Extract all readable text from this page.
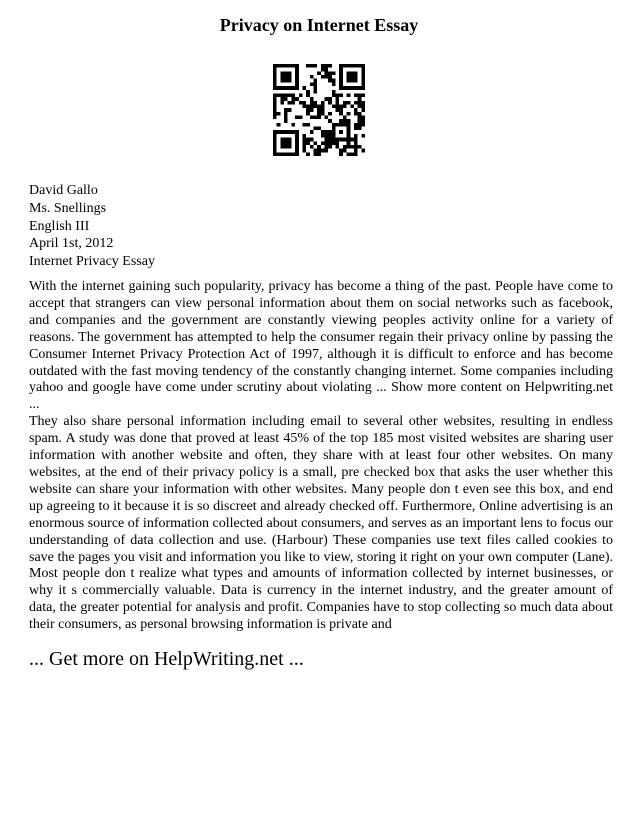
Privacy on Internet Essay
David Gallo
Ms. Snellings
English III
April 1st, 2012
Internet Privacy Essay

With the internet gaining such popularity, privacy has become a thing of the past. People have come to accept that strangers can view personal information about them on social networks such as facebook, and companies and the government are constantly viewing peoples activity online for a variety of reasons. The government has attempted to help the consumer regain their privacy online by passing the Consumer Internet Privacy Protection Act of 1997, although it is difficult to enforce and has become outdated with the fast moving tendency of the constantly changing internet. Some companies including yahoo and google have come under scrutiny about violating ... Show more content on Helpwriting.net ...

They also share personal information including email to several other websites, resulting in endless spam. A study was done that proved at least 45% of the top 185 most visited websites are sharing user information with another website and often, they share with at least four other websites. On many websites, at the end of their privacy policy is a small, pre checked box that asks the user whether this website can share your information with other websites. Many people don t even see this box, and end up agreeing to it because it is so discreet and already checked off. Furthermore, Online advertising is an enormous source of information collected about consumers, and serves as an important lens to focus our understanding of data collection and use. (Harbour) These companies use text files called cookies to save the pages you visit and information you like to view, storing it right on your own computer (Lane). Most people don t realize what types and amounts of information collected by internet businesses, or why it s commercially valuable. Data is currency in the internet industry, and the greater amount of data, the greater potential for analysis and profit. Companies have to stop collecting so much data about their consumers, as personal browsing information is private and

... Get more on HelpWriting.net ...
